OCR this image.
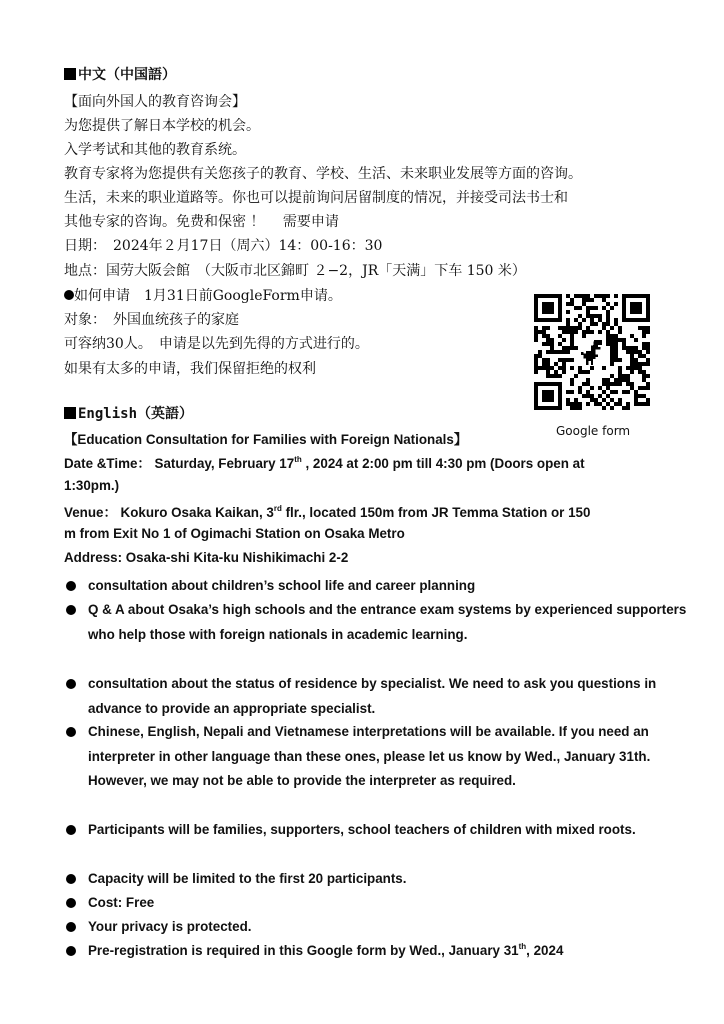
中文（中国語）
【面向外国人的教育咨询会】
为您提供了解日本学校的机会。
入学考试和其他的教育系统。
教育专家将为您提供有关您孩子的教育、学校、生活、未来职业发展等方面的咨询。
生活，未来的职业道路等。你也可以提前询问居留制度的情况，并接受司法书士和
其他专家的咨询。免费和保密 ！　 需要申请
日期：　2024年２月17日（周六）14：00-16：30
地点：国劳大阪会館　（大阪市北区錦町 ２−2，JR「天满」下车 150 米）
如何申请　1月31日前GoogleForm申请。
对象：　外国血统孩子的家庭
可容纳30人。　申请是以先到先得的方式进行的。
如果有太多的申请，我们保留拒绝的权利
Google form
English（英語）
【Education Consultation for Families with Foreign Nationals】
Date &Time： Saturday, February 17th , 2024 at 2:00 pm till 4:30 pm (Doors open at
1:30pm.)
Venue： Kokuro Osaka Kaikan, 3rd flr., located 150m from JR Temma Station or 150
m from Exit No 1 of Ogimachi Station on Osaka Metro
Address: Osaka-shi Kita-ku Nishikimachi 2-2
consultation about children’s school life and career planning
Q & A about Osaka’s high schools and the entrance exam systems by experienced supporters who help those with foreign nationals in academic learning.
consultation about the status of residence by specialist. We need to ask you questions in advance to provide an appropriate specialist.
Chinese, English, Nepali and Vietnamese interpretations will be available. If you need an interpreter in other language than these ones, please let us know by Wed., January 31th. However, we may not be able to provide the interpreter as required.
Participants will be families, supporters, school teachers of children with mixed roots.
Capacity will be limited to the first 20 participants.
Cost: Free
Your privacy is protected.
Pre-registration is required in this Google form by Wed., January 31th, 2024
